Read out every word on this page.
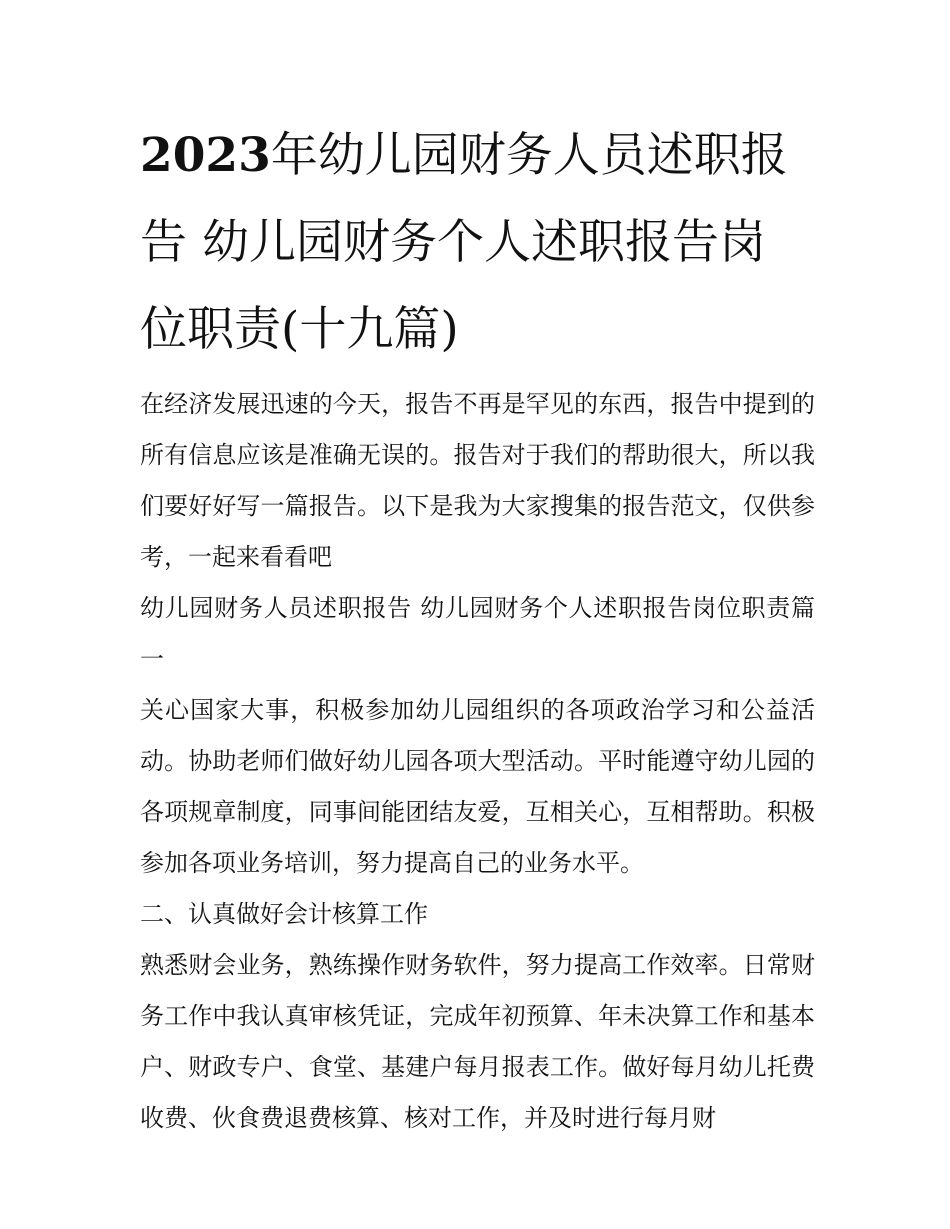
2023年幼儿园财务人员述职报告 幼儿园财务个人述职报告岗位职责(十九篇)

在经济发展迅速的今天，报告不再是罕见的东西，报告中提到的所有信息应该是准确无误的。报告对于我们的帮助很大，所以我们要好好写一篇报告。以下是我为大家搜集的报告范文，仅供参考，一起来看看吧

幼儿园财务人员述职报告 幼儿园财务个人述职报告岗位职责篇一

关心国家大事，积极参加幼儿园组织的各项政治学习和公益活动。协助老师们做好幼儿园各项大型活动。平时能遵守幼儿园的各项规章制度，同事间能团结友爱，互相关心，互相帮助。积极参加各项业务培训，努力提高自己的业务水平。

二、认真做好会计核算工作

熟悉财会业务，熟练操作财务软件，努力提高工作效率。日常财务工作中我认真审核凭证，完成年初预算、年未决算工作和基本户、财政专户、食堂、基建户每月报表工作。做好每月幼儿托费收费、伙食费退费核算、核对工作，并及时进行每月财
